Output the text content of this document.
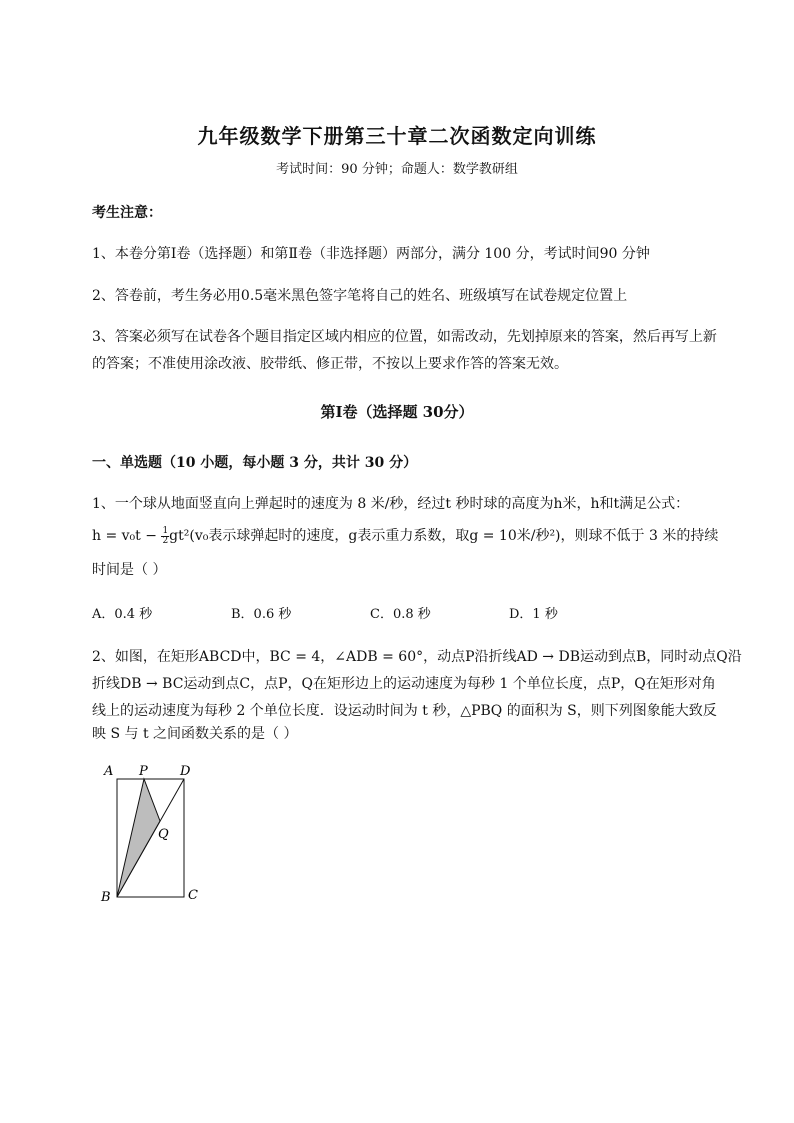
九年级数学下册第三十章二次函数定向训练
考试时间：90 分钟；命题人：数学教研组
考生注意：
1、本卷分第Ⅰ卷（选择题）和第Ⅱ卷（非选择题）两部分，满分 100 分，考试时间90 分钟
2、答卷前，考生务必用0.5毫米黑色签字笔将自己的姓名、班级填写在试卷规定位置上
3、答案必须写在试卷各个题目指定区域内相应的位置，如需改动，先划掉原来的答案，然后再写上新
的答案；不准使用涂改液、胶带纸、修正带，不按以上要求作答的答案无效。
第Ⅰ卷（选择题 30分）
一、单选题（10 小题，每小题 3 分，共计 30 分）
1、一个球从地面竖直向上弹起时的速度为 8 米/秒，经过t 秒时球的高度为h米，h和t满足公式：
$h = v_0t - \frac{1}{2} gt^2(v_0$表示球弹起时的速度，g表示重力系数，取g = 10米/秒²)，则球不低于 3 米的持续
时间是（ ）
A．0.4 秒	B．0.6 秒	C．0.8 秒	D．1 秒
2、如图，在矩形ABCD中，BC = 4，∠ADB = 60°，动点P沿折线AD → DB运动到点B，同时动点Q沿
折线DB → BC运动到点C，点P，Q在矩形边上的运动速度为每秒 1 个单位长度，点P，Q在矩形对角
线上的运动速度为每秒 2 个单位长度．设运动时间为 t 秒，△PBQ 的面积为 S，则下列图象能大致反
映 S 与 t 之间函数关系的是（ ）
A P D
Q
B	C
